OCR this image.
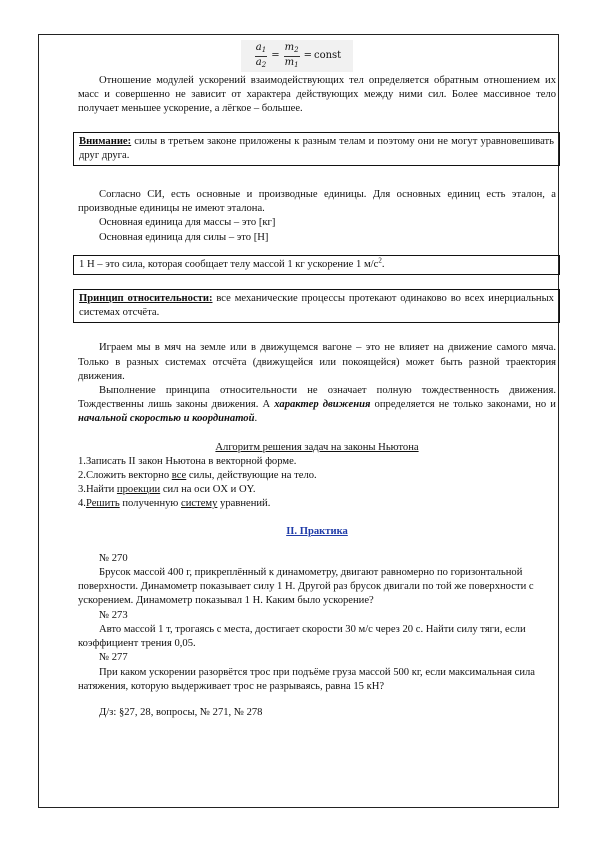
$\frac{a_1}{a_2} = \frac{m_2}{m_1}$ = const

Отношение модулей ускорений взаимодействующих тел определяется обратным отношением их масс и совершенно не зависит от характера действующих между ними сил. Более массивное тело получает меньшее ускорение, а лёгкое – большее.

Внимание: силы в третьем законе приложены к разным телам и поэтому они не могут уравновешивать друг друга.

Согласно СИ, есть основные и производные единицы. Для основных единиц есть эталон, а производные единицы не имеют эталона.

Основная единица для массы – это [кг]

Основная единица для силы – это [Н]

1 Н – это сила, которая сообщает телу массой 1 кг ускорение 1 $м/с^2$.
Принцип относительности: все механические процессы протекают одинаково во всех инерциальных системах отсчёта.

Играем мы в мяч на земле или в движущемся вагоне – это не влияет на движение самого мяча. Только в разных системах отсчёта (движущейся или покоящейся) может быть разной траектория движения.

Выполнение принципа относительности не означает полную тождественность движения. Тождественны лишь законы движения. А характер движения определяется не только законами, но и начальной скоростью и координатой.

Алгоритм решения задач на законы Ньютона

1.Записать II закон Ньютона в векторной форме.

2.Сложить векторно все силы, действующие на тело.

3.Найти проекции сил на оси OX и OY.

4.Решить полученную систему уравнений.

II. Практика

№ 270

Брусок массой 400 г, прикреплённый к динамометру, двигают равномерно по горизонтальной поверхности. Динамометр показывает силу 1 Н. Другой раз брусок двигали по той же поверхности с ускорением. Динамометр показывал 1 Н. Каким было ускорение?

№ 273

Авто массой 1 т, трогаясь с места, достигает скорости 30 м/с через 20 с. Найти силу тяги, если коэффициент трения 0,05.

№ 277

При каком ускорении разорвётся трос при подъёме груза массой 500 кг, если максимальная сила натяжения, которую выдерживает трос не разрываясь, равна 15 кН?

Д/з: §27, 28, вопросы, № 271, № 278
